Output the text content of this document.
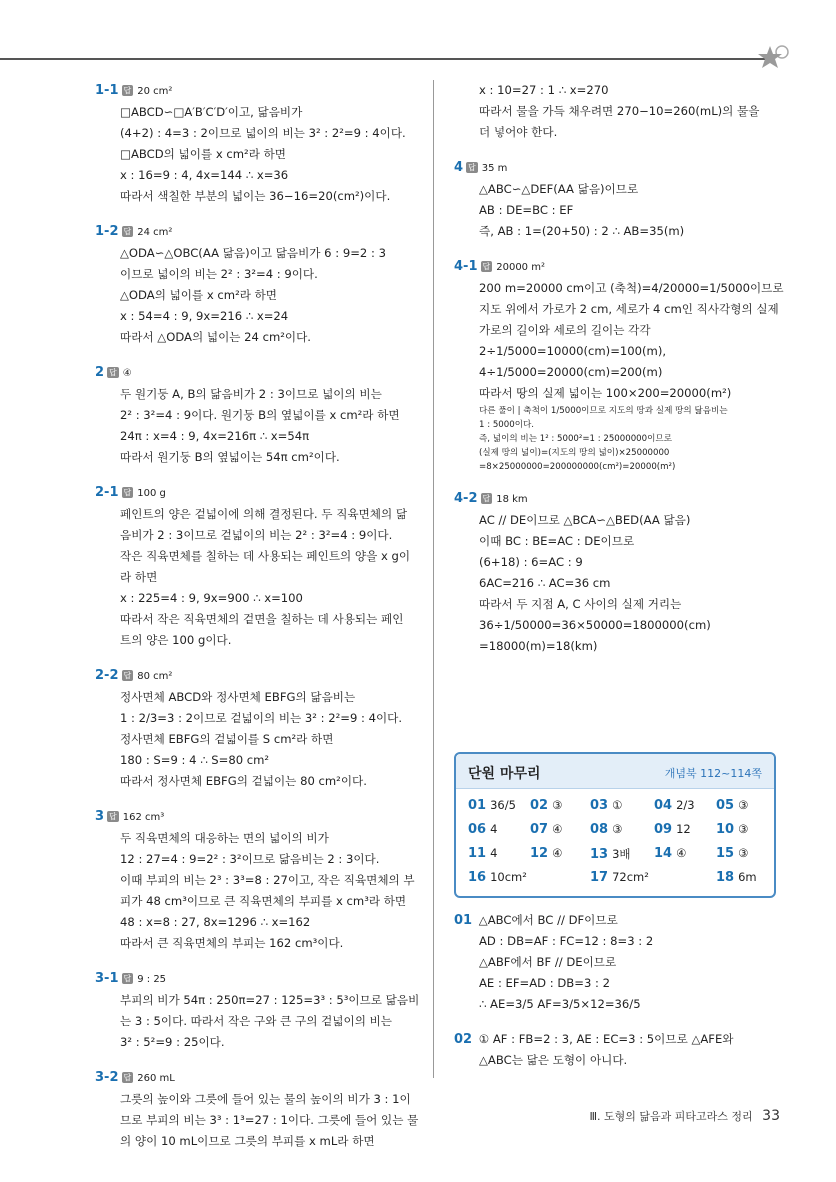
1-1 답 20 cm²
□ABCD∽□A′B′C′D′이고, 닮음비가
(4+2) : 4=3 : 2이므로 넓이의 비는 3² : 2²=9 : 4이다.
□ABCD의 넓이를 x cm²라 하면
x : 16=9 : 4, 4x=144 ∴ x=36
따라서 색칠한 부분의 넓이는 36−16=20(cm²)이다.
1-2 답 24 cm²
△ODA∽△OBC(AA 닮음)이고 닮음비가 6 : 9=2 : 3
이므로 넓이의 비는 2² : 3²=4 : 9이다.
△ODA의 넓이를 x cm²라 하면
x : 54=4 : 9, 9x=216 ∴ x=24
따라서 △ODA의 넓이는 24 cm²이다.
2 답 ④
두 원기둥 A, B의 닮음비가 2 : 3이므로 넓이의 비는
2² : 3²=4 : 9이다. 원기둥 B의 옆넓이를 x cm²라 하면
24π : x=4 : 9, 4x=216π ∴ x=54π
따라서 원기둥 B의 옆넓이는 54π cm²이다.
2-1 답 100 g
페인트의 양은 겉넓이에 의해 결정된다. 두 직육면체의 닮
음비가 2 : 3이므로 겉넓이의 비는 2² : 3²=4 : 9이다.
작은 직육면체를 칠하는 데 사용되는 페인트의 양을 x g이
라 하면
x : 225=4 : 9, 9x=900 ∴ x=100
따라서 작은 직육면체의 겉면을 칠하는 데 사용되는 페인
트의 양은 100 g이다.
2-2 답 80 cm²
정사면체 ABCD와 정사면체 EBFG의 닮음비는
1 : 2/3=3 : 2이므로 겉넓이의 비는 3² : 2²=9 : 4이다.
정사면체 EBFG의 겉넓이를 S cm²라 하면
180 : S=9 : 4 ∴ S=80 cm²
따라서 정사면체 EBFG의 겉넓이는 80 cm²이다.
3 답 162 cm³
두 직육면체의 대응하는 면의 넓이의 비가
12 : 27=4 : 9=2² : 3²이므로 닮음비는 2 : 3이다.
이때 부피의 비는 2³ : 3³=8 : 27이고, 작은 직육면체의 부
피가 48 cm³이므로 큰 직육면체의 부피를 x cm³라 하면
48 : x=8 : 27, 8x=1296 ∴ x=162
따라서 큰 직육면체의 부피는 162 cm³이다.
3-1 답 9 : 25
부피의 비가 54π : 250π=27 : 125=3³ : 5³이므로 닮음비
는 3 : 5이다. 따라서 작은 구와 큰 구의 겉넓이의 비는
3² : 5²=9 : 25이다.
3-2 답 260 mL
그릇의 높이와 그릇에 들어 있는 물의 높이의 비가 3 : 1이
므로 부피의 비는 3³ : 1³=27 : 1이다. 그릇에 들어 있는 물
의 양이 10 mL이므로 그릇의 부피를 x mL라 하면
x : 10=27 : 1 ∴ x=270
따라서 물을 가득 채우려면 270−10=260(mL)의 물을
더 넣어야 한다.
4 답 35 m
△ABC∽△DEF(AA 닮음)이므로
AB : DE=BC : EF
즉, AB : 1=(20+50) : 2 ∴ AB=35(m)
4-1 답 20000 m²
200 m=20000 cm이고 (축척)=4/20000=1/5000이므로
지도 위에서 가로가 2 cm, 세로가 4 cm인 직사각형의 실제
가로의 길이와 세로의 길이는 각각
2÷1/5000=10000(cm)=100(m),
4÷1/5000=20000(cm)=200(m)
따라서 땅의 실제 넓이는 100×200=20000(m²)
다른 풀이 | 축척이 1/5000이므로 지도의 땅과 실제 땅의 닮음비는
1 : 5000이다.
즉, 넓이의 비는 1² : 5000²=1 : 25000000이므로
(실제 땅의 넓이)=(지도의 땅의 넓이)×25000000
=8×25000000=200000000(cm²)=20000(m²)
4-2 답 18 km
AC // DE이므로 △BCA∽△BED(AA 닮음)
이때 BC : BE=AC : DE이므로
(6+18) : 6=AC : 9
6AC=216 ∴ AC=36 cm
따라서 두 지점 A, C 사이의 실제 거리는
36÷1/50000=36×50000=1800000(cm)
=18000(m)=18(km)
단원 마무리	개념북 112~114쪽
01 36/5 02 ③ 03 ① 04 2/3 05 ③
06 4	07 ④ 08 ③ 09 12 10 ③
11 4	12 ④ 13 3배 14 ④ 15 ③
16 10cm²	17 72cm²	18 6m
01 △ABC에서 BC // DF이므로
AD : DB=AF : FC=12 : 8=3 : 2
△ABF에서 BF // DE이므로
AE : EF=AD : DB=3 : 2
∴ AE=3/5 AF=3/5×12=36/5
02 ① AF : FB=2 : 3, AE : EC=3 : 5이므로 △AFE와
△ABC는 닮은 도형이 아니다.
Ⅲ. 도형의 닮음과 피타고라스 정리 33
